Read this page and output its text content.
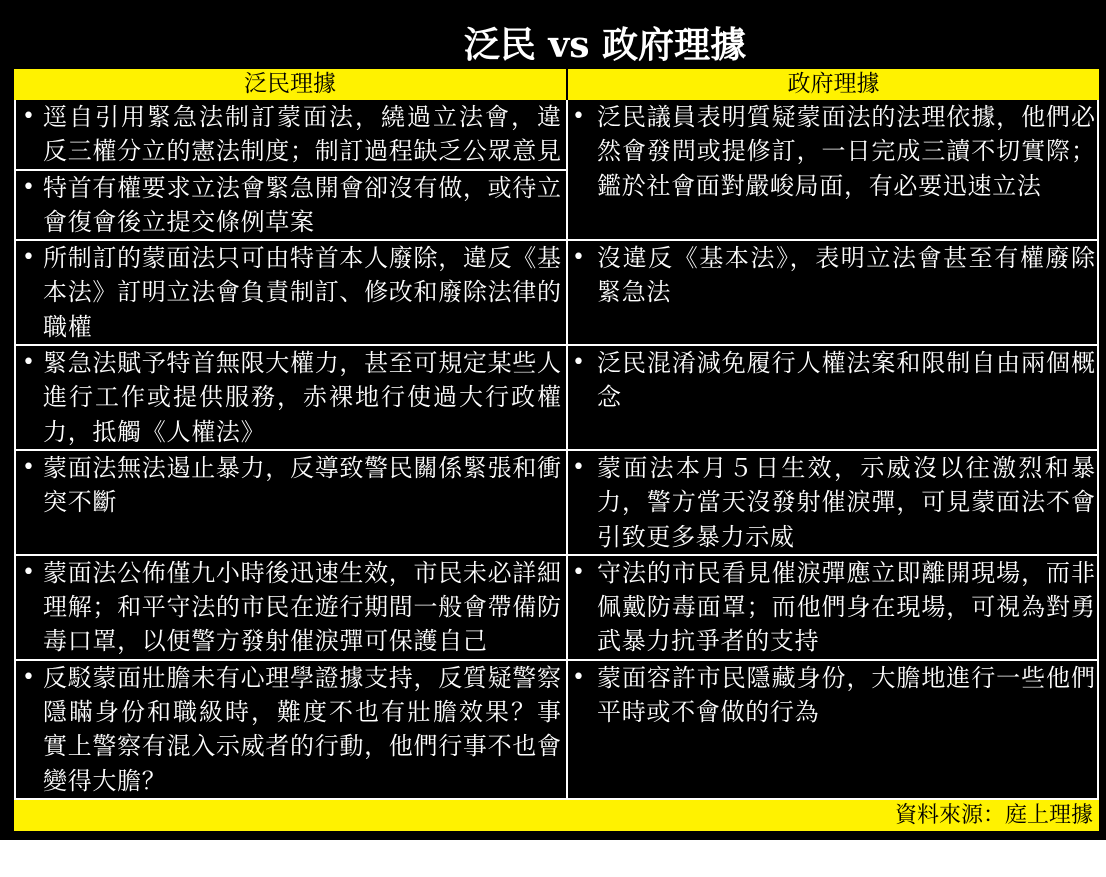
泛民 vs 政府理據
泛民理據	政府理據
• 逕自引用緊急法制訂蒙面法，繞過立法會，違
反三權分立的憲法制度；制訂過程缺乏公眾意見
• 特首有權要求立法會緊急開會卻沒有做，或待立
會復會後立提交條例草案
• 泛民議員表明質疑蒙面法的法理依據，他們必
然會發問或提修訂，一日完成三讀不切實際；
鑑於社會面對嚴峻局面，有必要迅速立法
• 所制訂的蒙面法只可由特首本人廢除，違反《基
本法》訂明立法會負責制訂、修改和廢除法律的
職權
• 沒違反《基本法》，表明立法會甚至有權廢除
緊急法
• 緊急法賦予特首無限大權力，甚至可規定某些人
進行工作或提供服務，赤裸地行使過大行政權
力，抵觸《人權法》
• 泛民混淆減免履行人權法案和限制自由兩個概
念
• 蒙面法無法遏止暴力，反導致警民關係緊張和衝
突不斷
• 蒙面法本月５日生效，示威沒以往激烈和暴
力，警方當天沒發射催淚彈，可見蒙面法不會
引致更多暴力示威
• 蒙面法公佈僅九小時後迅速生效，市民未必詳細
理解；和平守法的市民在遊行期間一般會帶備防
毒口罩，以便警方發射催淚彈可保護自己
• 守法的市民看見催淚彈應立即離開現場，而非
佩戴防毒面罩；而他們身在現場，可視為對勇
武暴力抗爭者的支持
• 反駁蒙面壯膽未有心理學證據支持，反質疑警察
隱瞞身份和職級時，難度不也有壯膽效果？事
實上警察有混入示威者的行動，他們行事不也會
變得大膽？
• 蒙面容許市民隱藏身份，大膽地進行一些他們
平時或不會做的行為
資料來源：庭上理據
